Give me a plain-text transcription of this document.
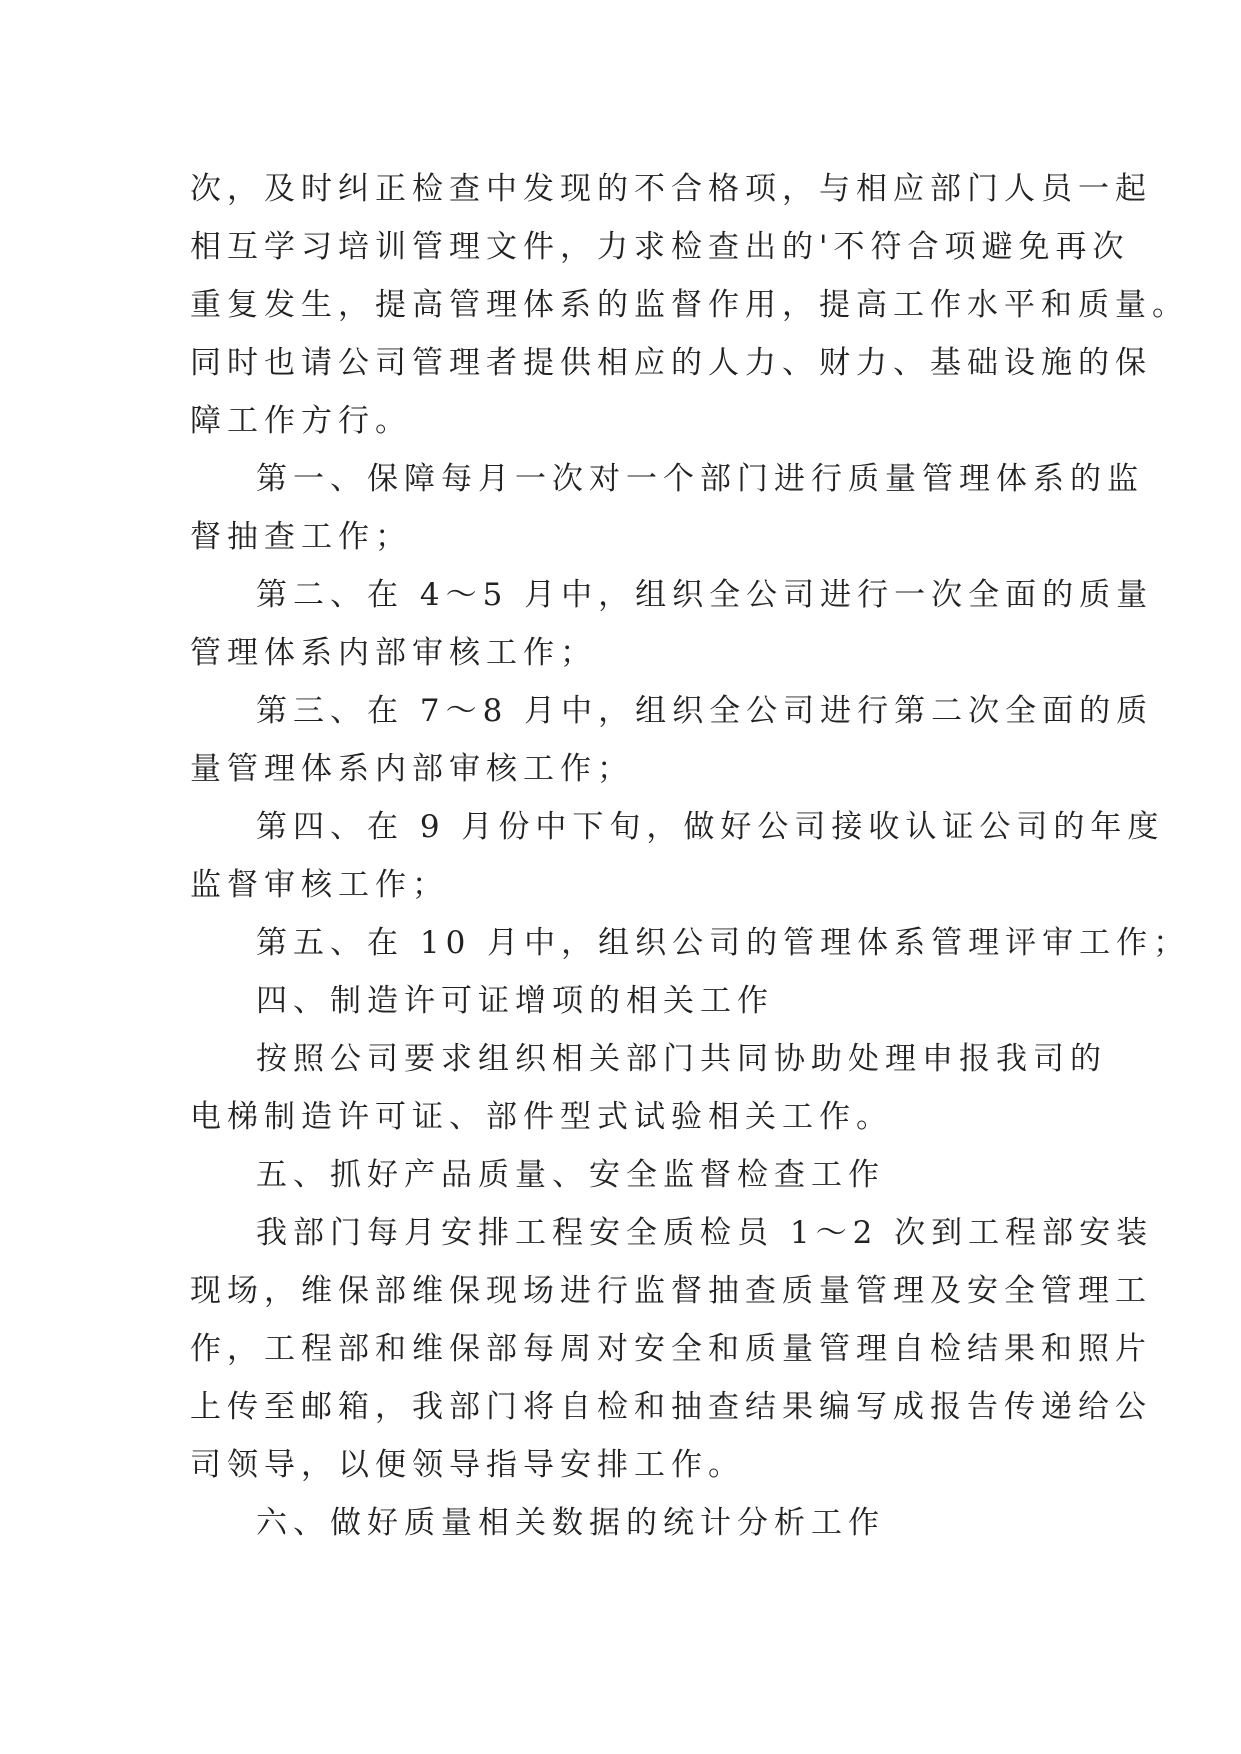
次，及时纠正检查中发现的不合格项，与相应部门人员一起
相互学习培训管理文件，力求检查出的'不符合项避免再次
重复发生，提高管理体系的监督作用，提高工作水平和质量。
同时也请公司管理者提供相应的人力、财力、基础设施的保
障工作方行。
第一、保障每月一次对一个部门进行质量管理体系的监
督抽查工作；
第二、在 4～5 月中，组织全公司进行一次全面的质量
管理体系内部审核工作；
第三、在 7～8 月中，组织全公司进行第二次全面的质
量管理体系内部审核工作；
第四、在 9 月份中下旬，做好公司接收认证公司的年度
监督审核工作；
第五、在 10 月中，组织公司的管理体系管理评审工作；
四、制造许可证增项的相关工作
按照公司要求组织相关部门共同协助处理申报我司的
电梯制造许可证、部件型式试验相关工作。
五、抓好产品质量、安全监督检查工作
我部门每月安排工程安全质检员 1～2 次到工程部安装
现场，维保部维保现场进行监督抽查质量管理及安全管理工
作，工程部和维保部每周对安全和质量管理自检结果和照片
上传至邮箱，我部门将自检和抽查结果编写成报告传递给公
司领导，以便领导指导安排工作。
六、做好质量相关数据的统计分析工作
